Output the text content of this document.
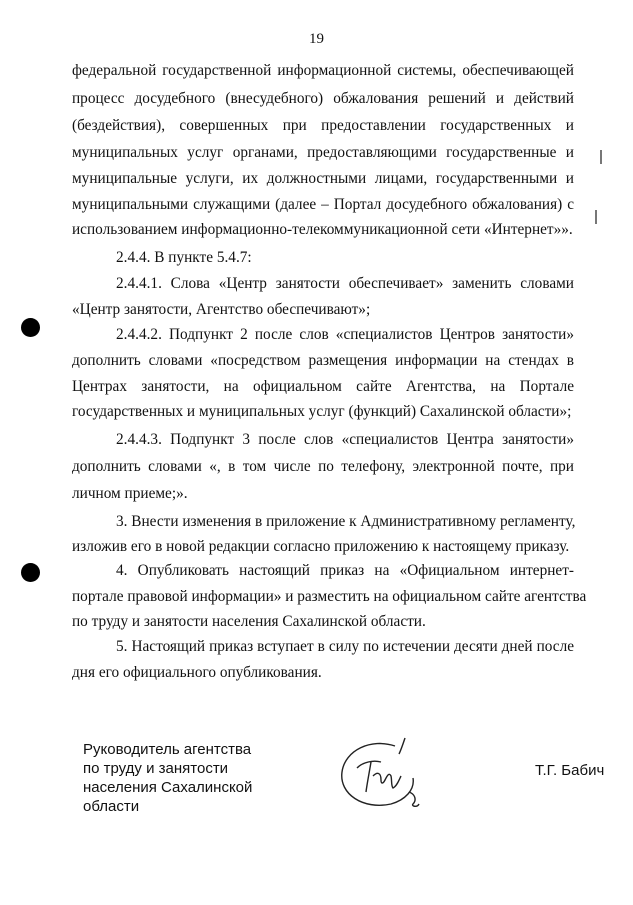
19
федеральной государственной информационной системы, обеспечивающей
процесс досудебного (внесудебного) обжалования решений и действий
(бездействия), совершенных при предоставлении государственных и
муниципальных услуг органами, предоставляющими государственные и
муниципальные услуги, их должностными лицами, государственными и
муниципальными служащими (далее – Портал досудебного обжалования) с
использованием информационно-телекоммуникационной сети «Интернет»».
2.4.4. В пункте 5.4.7:
2.4.4.1. Слова «Центр занятости обеспечивает» заменить словами
«Центр занятости, Агентство обеспечивают»;
2.4.4.2. Подпункт 2 после слов «специалистов Центров занятости»
дополнить словами «посредством размещения информации на стендах в
Центрах занятости, на официальном сайте Агентства, на Портале
государственных и муниципальных услуг (функций) Сахалинской области»;
2.4.4.3. Подпункт 3 после слов «специалистов Центра занятости»
дополнить словами «, в том числе по телефону, электронной почте, при
личном приеме;».
3. Внести изменения в приложение к Административному регламенту,
изложив его в новой редакции согласно приложению к настоящему приказу.
4. Опубликовать настоящий приказ на «Официальном интернет-
портале правовой информации» и разместить на официальном сайте агентства
по труду и занятости населения Сахалинской области.
5. Настоящий приказ вступает в силу по истечении десяти дней после
дня его официального опубликования.
Руководитель агентства
по труду и занятости
населения Сахалинской
области
Т.Г. Бабич
